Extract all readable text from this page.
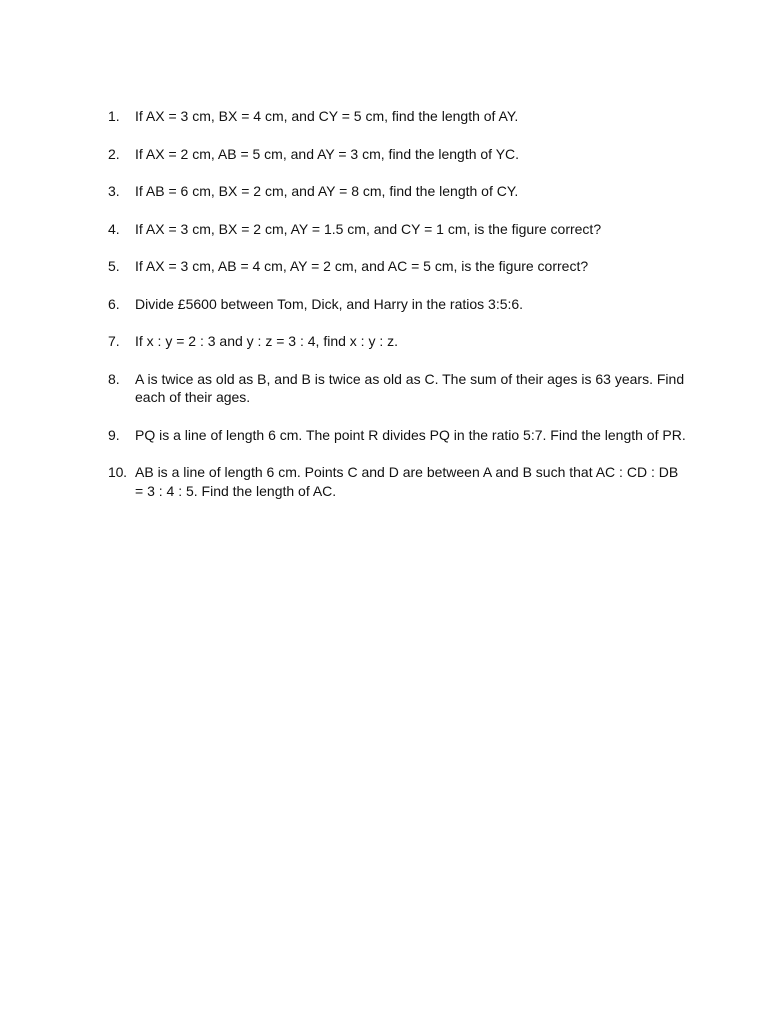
1.	If AX = 3 cm, BX = 4 cm, and CY = 5 cm, find the length of AY.
2.	If AX = 2 cm, AB = 5 cm, and AY = 3 cm, find the length of YC.
3.	If AB = 6 cm, BX = 2 cm, and AY = 8 cm, find the length of CY.
4.	If AX = 3 cm, BX = 2 cm, AY = 1.5 cm, and CY = 1 cm, is the figure correct?
5.	If AX = 3 cm, AB = 4 cm, AY = 2 cm, and AC = 5 cm, is the figure correct?
6.	Divide £5600 between Tom, Dick, and Harry in the ratios 3:5:6.
7.	If x : y = 2 : 3 and y : z = 3 : 4, find x : y : z.
8.	A is twice as old as B, and B is twice as old as C. The sum of their ages is 63 years. Find each of their ages.
9.	PQ is a line of length 6 cm. The point R divides PQ in the ratio 5:7. Find the length of PR.
10. AB is a line of length 6 cm. Points C and D are between A and B such that AC : CD : DB = 3 : 4 : 5. Find the length of AC.
